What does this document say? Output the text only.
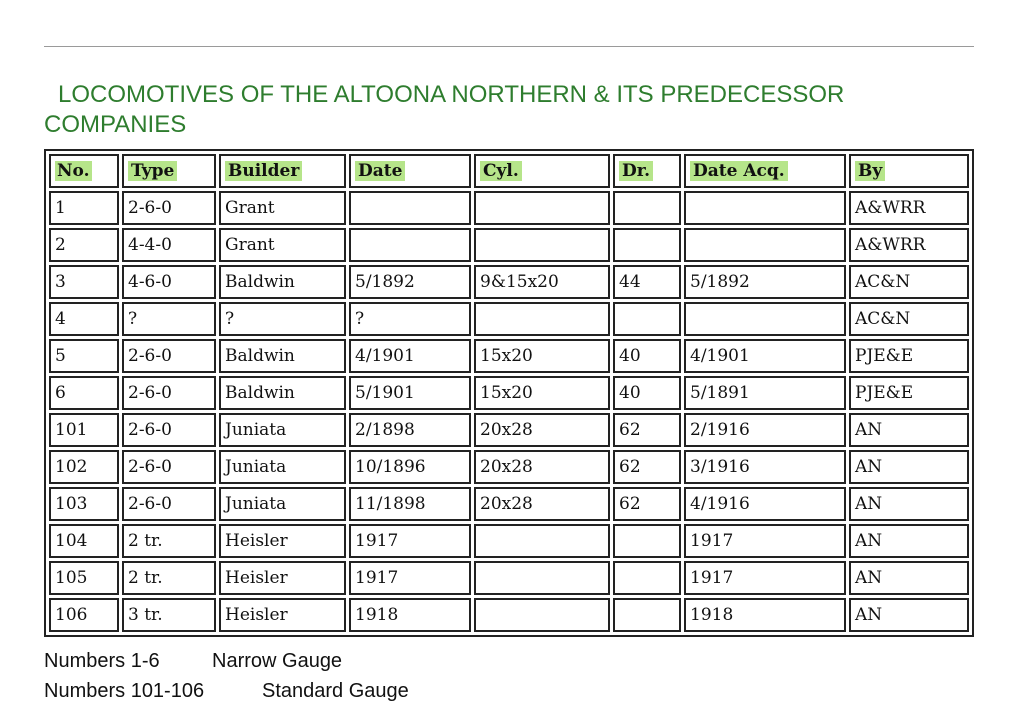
LOCOMOTIVES OF THE ALTOONA NORTHERN & ITS PREDECESSOR
COMPANIES
No.	Type	Builder	Date	Cyl.	Dr.	Date Acq.	By
1	2-6-0	Grant					A&WRR
2	4-4-0	Grant					A&WRR
3	4-6-0	Baldwin	5/1892	9&15x20	44	5/1892	AC&N
4	?	?	?				AC&N
5	2-6-0	Baldwin	4/1901	15x20	40	4/1901	PJE&E
6	2-6-0	Baldwin	5/1901	15x20	40	5/1891	PJE&E
101	2-6-0	Juniata	2/1898	20x28	62	2/1916	AN
102	2-6-0	Juniata	10/1896	20x28	62	3/1916	AN
103	2-6-0	Juniata	11/1898	20x28	62	4/1916	AN
104	2 tr.	Heisler	1917			1917	AN
105	2 tr.	Heisler	1917			1917	AN
106	3 tr.	Heisler	1918			1918	AN
Numbers 1-6	Narrow Gauge
Numbers 101-106	Standard Gauge
